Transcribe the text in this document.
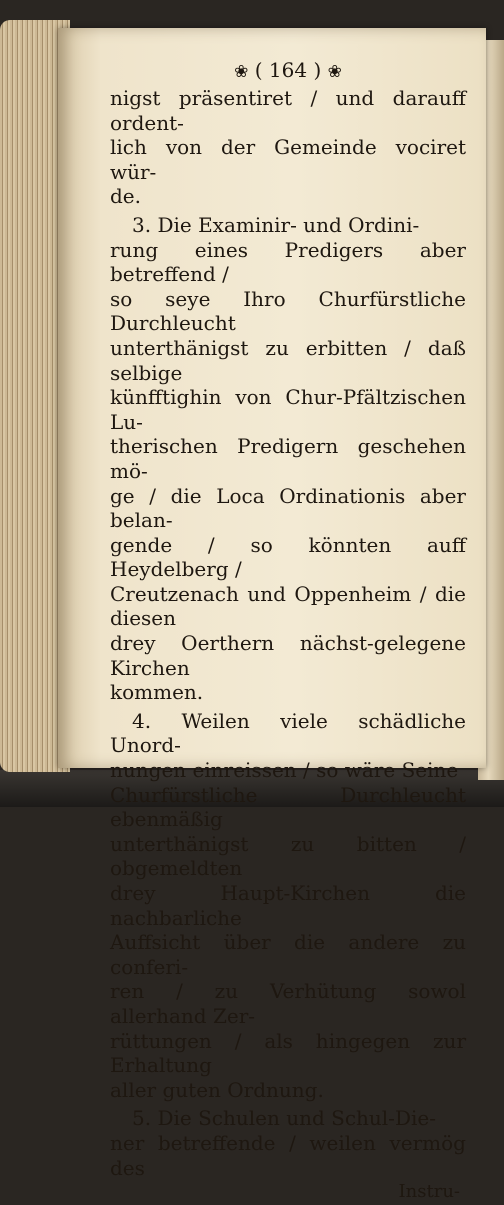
❀ ( 164 ) ❀

nigst präsentiret / und darauff ordent-
lich von der Gemeinde vociret wür-
de.

3. Die Examinir- und Ordini-
rung eines Predigers aber betreffend /
so seye Ihro Churfürstliche Durchleucht
unterthänigst zu erbitten / daß selbige
künfftighin von Chur-Pfältzischen Lu-
therischen Predigern geschehen mö-
ge / die Loca Ordinationis aber belan-
gende / so könnten auff Heydelberg /
Creutzenach und Oppenheim / die diesen
drey Oerthern nächst-gelegene Kirchen
kommen.

4. Weilen viele schädliche Unord-
nungen einreissen / so wäre Seine
Churfürstliche Durchleucht ebenmäßig
unterthänigst zu bitten / obgemeldten
drey Haupt-Kirchen die nachbarliche
Auffsicht über die andere zu conferi-
ren / zu Verhütung sowol allerhand Zer-
rüttungen / als hingegen zur Erhaltung
aller guten Ordnung.

5. Die Schulen und Schul-Die-
ner betreffende / weilen vermög des

Instru-
